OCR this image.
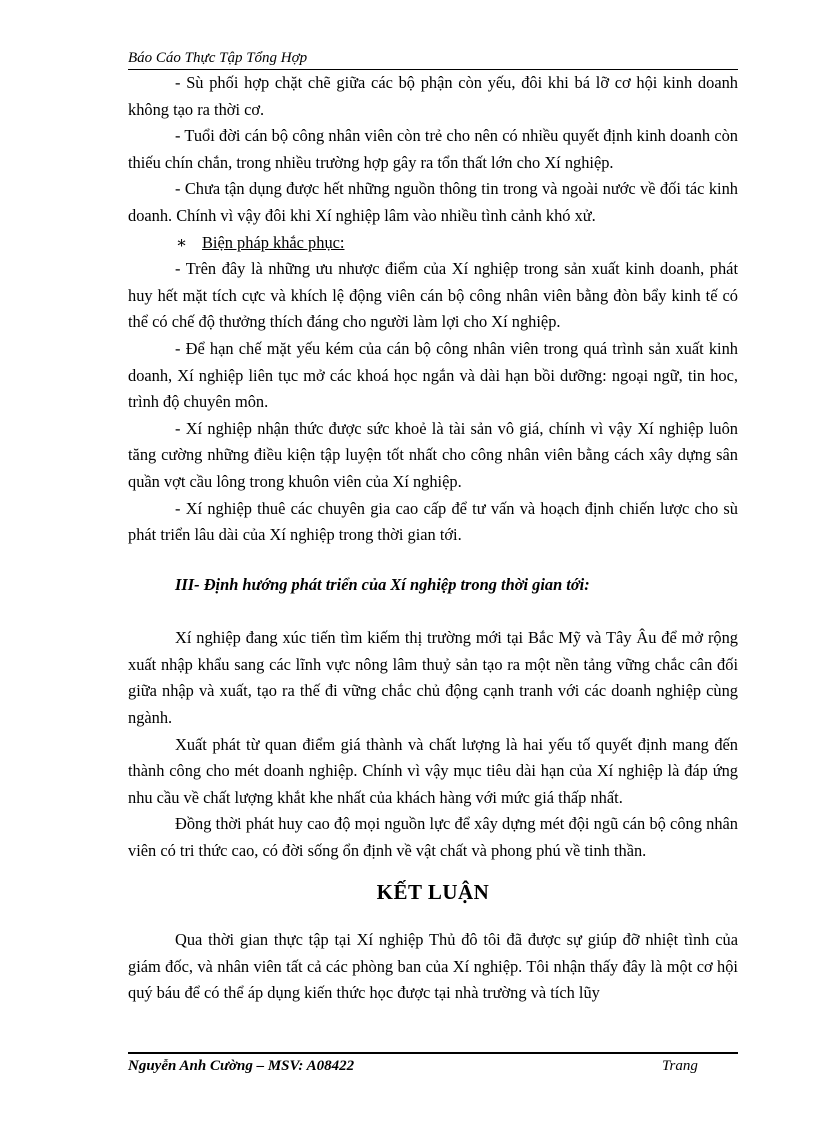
Báo Cáo Thực Tập Tổng Hợp

- Sù phối hợp chặt chẽ giữa các bộ phận còn yếu, đôi khi bá lỡ cơ hội kinh doanh không tạo ra thời cơ.

- Tuổi đời cán bộ công nhân viên còn trẻ cho nên có nhiều quyết định kinh doanh còn thiếu chín chắn, trong nhiều trường hợp gây ra tổn thất lớn cho Xí nghiệp.

- Chưa tận dụng được hết những nguồn thông tin trong và ngoài nước về đối tác kinh doanh. Chính vì vậy đôi khi Xí nghiệp lâm vào nhiều tình cảnh khó xử.

∗ Biện pháp khắc phục:

- Trên đây là những ưu nhược điểm của Xí nghiệp trong sản xuất kinh doanh, phát huy hết mặt tích cực và khích lệ động viên cán bộ công nhân viên bằng đòn bẩy kinh tế có thể có chế độ thưởng thích đáng cho người làm lợi cho Xí nghiệp.

- Để hạn chế mặt yếu kém của cán bộ công nhân viên trong quá trình sản xuất kinh doanh, Xí nghiệp liên tục mở các khoá học ngắn và dài hạn bồi dưỡng: ngoại ngữ, tin hoc, trình độ chuyên môn.

- Xí nghiệp nhận thức được sức khoẻ là tài sản vô giá, chính vì vậy Xí nghiệp luôn tăng cường những điều kiện tập luyện tốt nhất cho công nhân viên bằng cách xây dựng sân quần vợt cầu lông trong khuôn viên của Xí nghiệp.

- Xí nghiệp thuê các chuyên gia cao cấp để tư vấn và hoạch định chiến lược cho sù phát triển lâu dài của Xí nghiệp trong thời gian tới.

III- Định hướng phát triển của Xí nghiệp trong thời gian tới:

Xí nghiệp đang xúc tiến tìm kiếm thị trường mới tại Bắc Mỹ và Tây Âu để mở rộng xuất nhập khẩu sang các lĩnh vực nông lâm thuỷ sản tạo ra một nền tảng vững chắc cân đối giữa nhập và xuất, tạo ra thế đi vững chắc chủ động cạnh tranh với các doanh nghiệp cùng ngành.

Xuất phát từ quan điểm giá thành và chất lượng là hai yếu tố quyết định mang đến thành công cho mét doanh nghiệp. Chính vì vậy mục tiêu dài hạn của Xí nghiệp là đáp ứng nhu cầu về chất lượng khắt khe nhất của khách hàng với mức giá thấp nhất.

Đồng thời phát huy cao độ mọi nguồn lực để xây dựng mét đội ngũ cán bộ công nhân viên có tri thức cao, có đời sống ổn định về vật chất và phong phú về tinh thần.

KẾT LUẬN

Qua thời gian thực tập tại Xí nghiệp Thủ đô tôi đã được sự giúp đỡ nhiệt tình của giám đốc, và nhân viên tất cả các phòng ban của Xí nghiệp. Tôi nhận thấy đây là một cơ hội quý báu để có thể áp dụng kiến thức học được tại nhà trường và tích lũy

Nguyễn Anh Cường – MSV: A08422	Trang
